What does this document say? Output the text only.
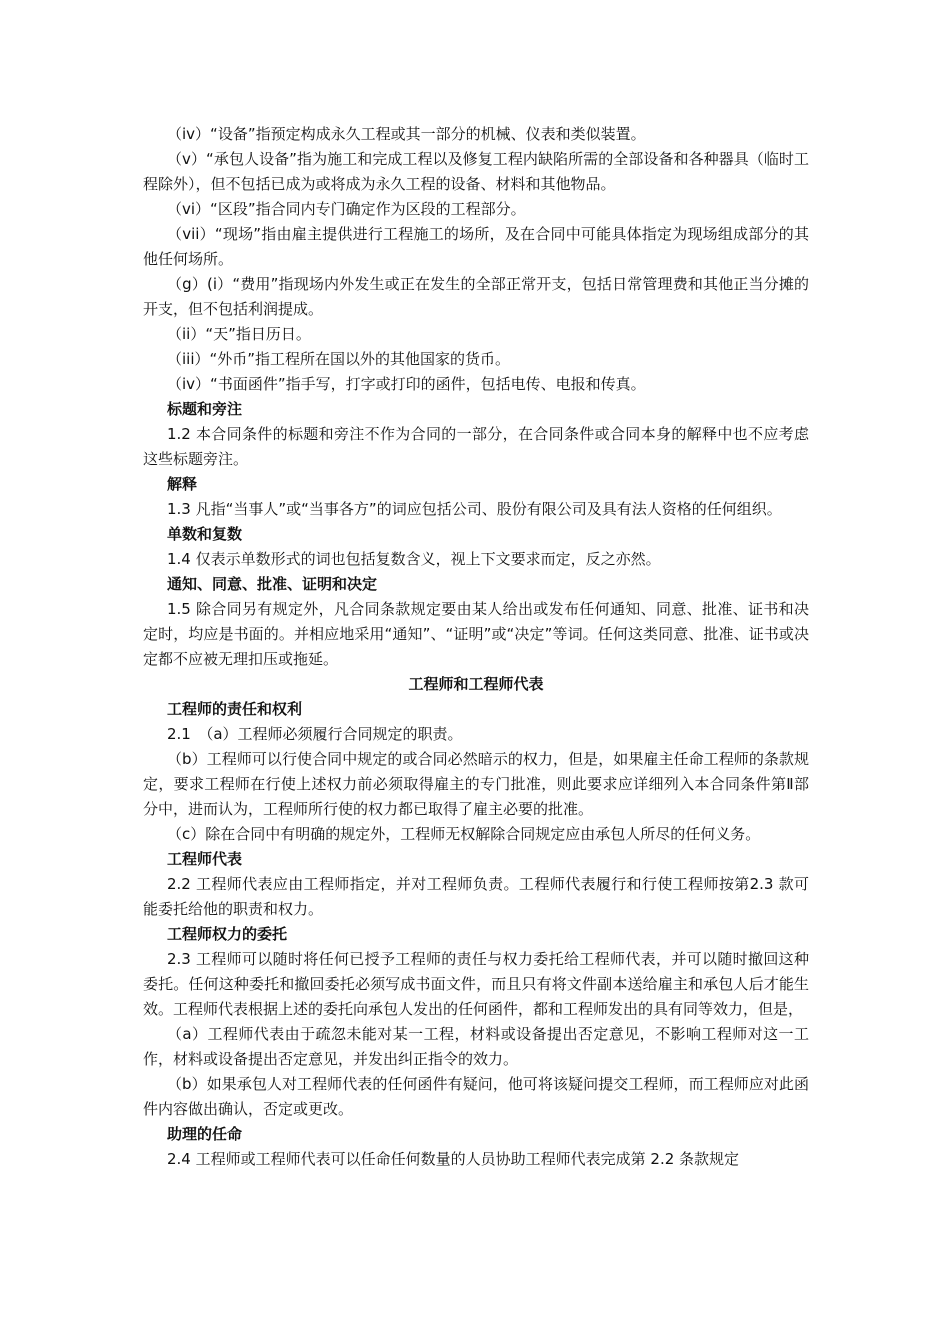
（iv）“设备”指预定构成永久工程或其一部分的机械、仪表和类似装置。

（v）“承包人设备”指为施工和完成工程以及修复工程内缺陷所需的全部设备和各种器具（临时工程除外），但不包括已成为或将成为永久工程的设备、材料和其他物品。

（vi）“区段”指合同内专门确定作为区段的工程部分。

（vii）“现场”指由雇主提供进行工程施工的场所，及在合同中可能具体指定为现场组成部分的其他任何场所。

（g）(i）“费用”指现场内外发生或正在发生的全部正常开支，包括日常管理费和其他正当分摊的开支，但不包括利润提成。

（ii）“天”指日历日。

（iii）“外币”指工程所在国以外的其他国家的货币。

（iv）“书面函件”指手写，打字或打印的函件，包括电传、电报和传真。

标题和旁注

1.2 本合同条件的标题和旁注不作为合同的一部分，在合同条件或合同本身的解释中也不应考虑这些标题旁注。

解释

1.3 凡指“当事人”或“当事各方”的词应包括公司、股份有限公司及具有法人资格的任何组织。

单数和复数

1.4 仅表示单数形式的词也包括复数含义，视上下文要求而定，反之亦然。

通知、同意、批准、证明和决定

1.5 除合同另有规定外，凡合同条款规定要由某人给出或发布任何通知、同意、批准、证书和决定时，均应是书面的。并相应地采用“通知”、“证明”或“决定”等词。任何这类同意、批准、证书或决定都不应被无理扣压或拖延。

工程师和工程师代表

工程师的责任和权利

2.1　（a）工程师必须履行合同规定的职责。

（b）工程师可以行使合同中规定的或合同必然暗示的权力，但是，如果雇主任命工程师的条款规定，要求工程师在行使上述权力前必须取得雇主的专门批准，则此要求应详细列入本合同条件第Ⅱ部分中，进而认为，工程师所行使的权力都已取得了雇主必要的批准。

（c）除在合同中有明确的规定外，工程师无权解除合同规定应由承包人所尽的任何义务。

工程师代表

2.2 工程师代表应由工程师指定，并对工程师负责。工程师代表履行和行使工程师按第2.3 款可能委托给他的职责和权力。

工程师权力的委托

2.3 工程师可以随时将任何已授予工程师的责任与权力委托给工程师代表，并可以随时撤回这种委托。任何这种委托和撤回委托必须写成书面文件，而且只有将文件副本送给雇主和承包人后才能生效。工程师代表根据上述的委托向承包人发出的任何函件，都和工程师发出的具有同等效力，但是，

（a）工程师代表由于疏忽未能对某一工程，材料或设备提出否定意见，不影响工程师对这一工作，材料或设备提出否定意见，并发出纠正指令的效力。

（b）如果承包人对工程师代表的任何函件有疑问，他可将该疑问提交工程师，而工程师应对此函件内容做出确认，否定或更改。

助理的任命

2.4 工程师或工程师代表可以任命任何数量的人员协助工程师代表完成第 2.2 条款规定
